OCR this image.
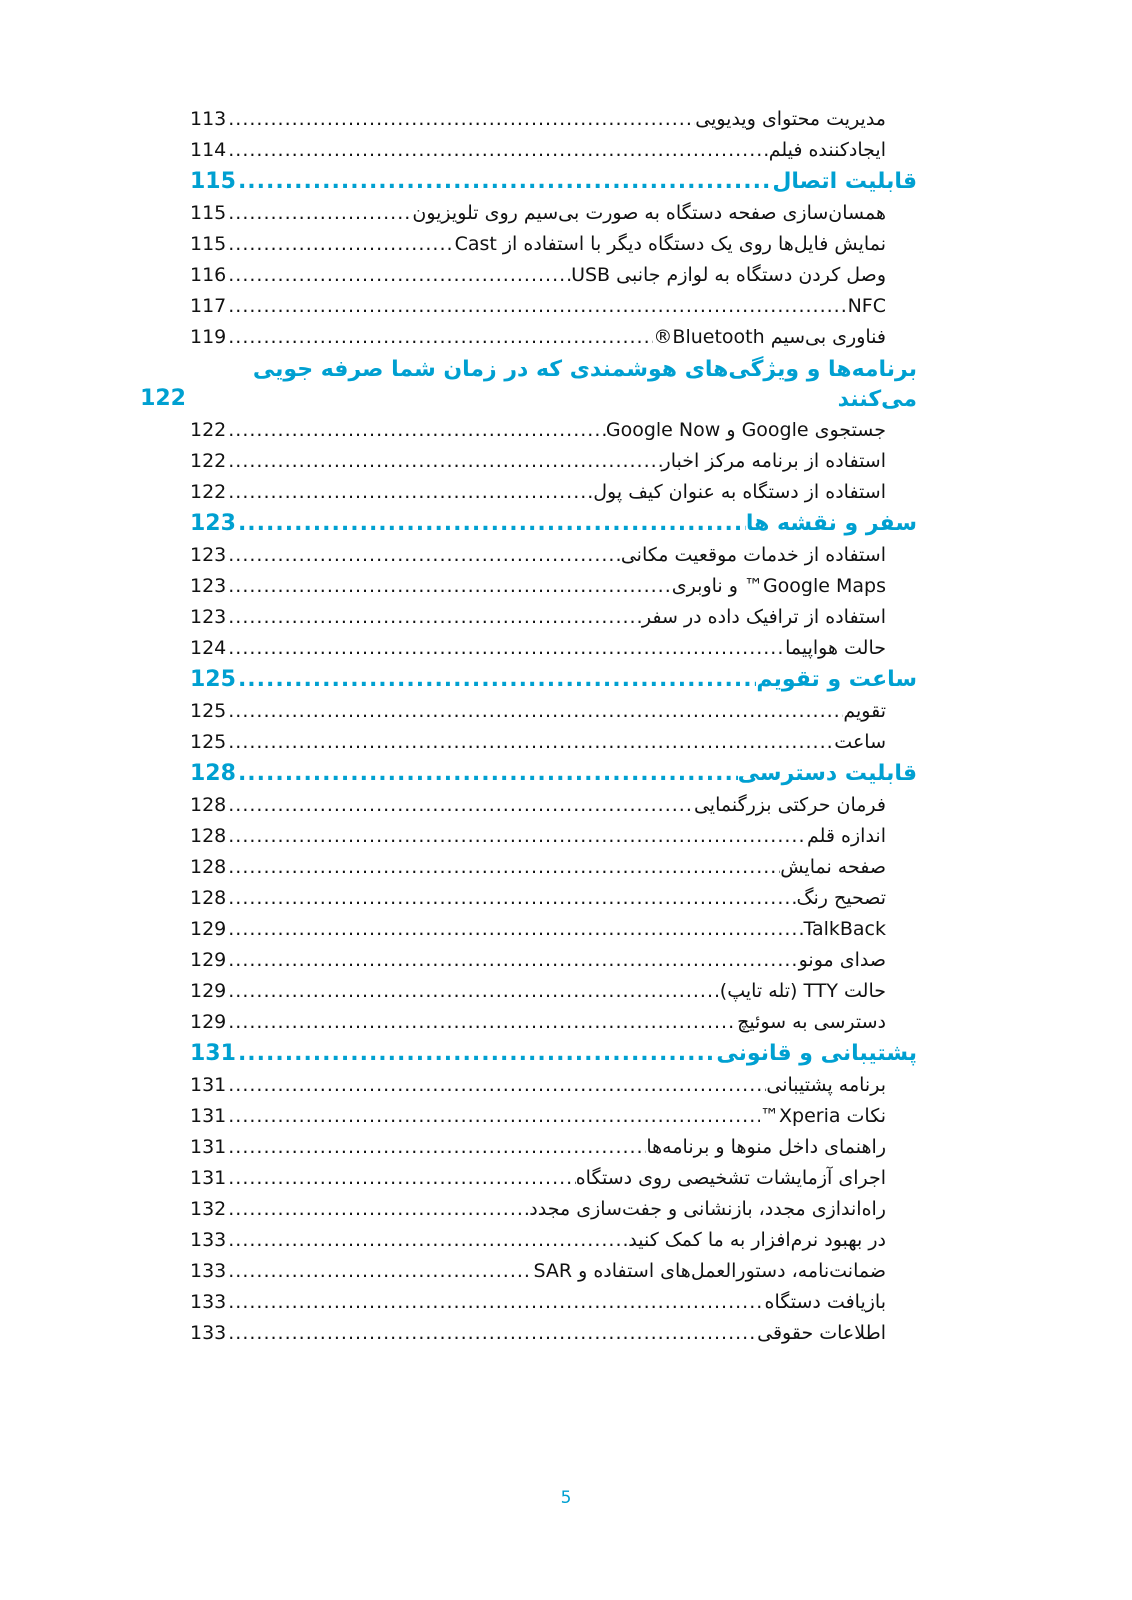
مدیریت محتوای ویدیویی
.....
113
ایجادکننده فیلم
.....
114
قابلیت اتصال
.....
115
همسان‌سازی صفحه دستگاه به صورت بی‌سیم روی تلویزیون
.....
115
نمایش فایل‌ها روی یک دستگاه دیگر با استفاده از Cast
.....
115
وصل کردن دستگاه به لوازم جانبی USB
.....
116
NFC
.....
117
فناوری بی‌سیم Bluetooth®
.....
119
برنامه‌ها و ویژگی‌های هوشمندی که در زمان شما صرفه جویی می‌کنند
.....
122
جستجوی Google و Google Now
.....
122
استفاده از برنامه مرکز اخبار
.....
122
استفاده از دستگاه به عنوان کیف پول
.....
122
سفر و نقشه ها
.....
123
استفاده از خدمات موقعیت مکانی
.....
123
Google Maps™ و ناوبری
.....
123
استفاده از ترافیک داده در سفر
.....
123
حالت هواپیما
.....
124
ساعت و تقویم
.....
125
تقویم
.....
125
ساعت
.....
125
قابلیت دسترسی
.....
128
فرمان حرکتی بزرگنمایی
.....
128
اندازه قلم
.....
128
صفحه نمایش
.....
128
تصحیح رنگ
.....
128
TalkBack
.....
129
صدای مونو
.....
129
حالت TTY (تله تایپ)
.....
129
دسترسی به سوئیچ
.....
129
پشتیبانی و قانونی
.....
131
برنامه پشتیبانی
.....
131
نکات Xperia™
.....
131
راهنمای داخل منوها و برنامه‌ها
.....
131
اجرای آزمایشات تشخیصی روی دستگاه
.....
131
راه‌اندازی مجدد، بازنشانی و جفت‌سازی مجدد
.....
132
در بهبود نرم‌افزار به ما کمک کنید
.....
133
ضمانت‌نامه، دستورالعمل‌های استفاده و SAR
.....
133
بازیافت دستگاه
.....
133
اطلاعات حقوقی
.....
133
5
